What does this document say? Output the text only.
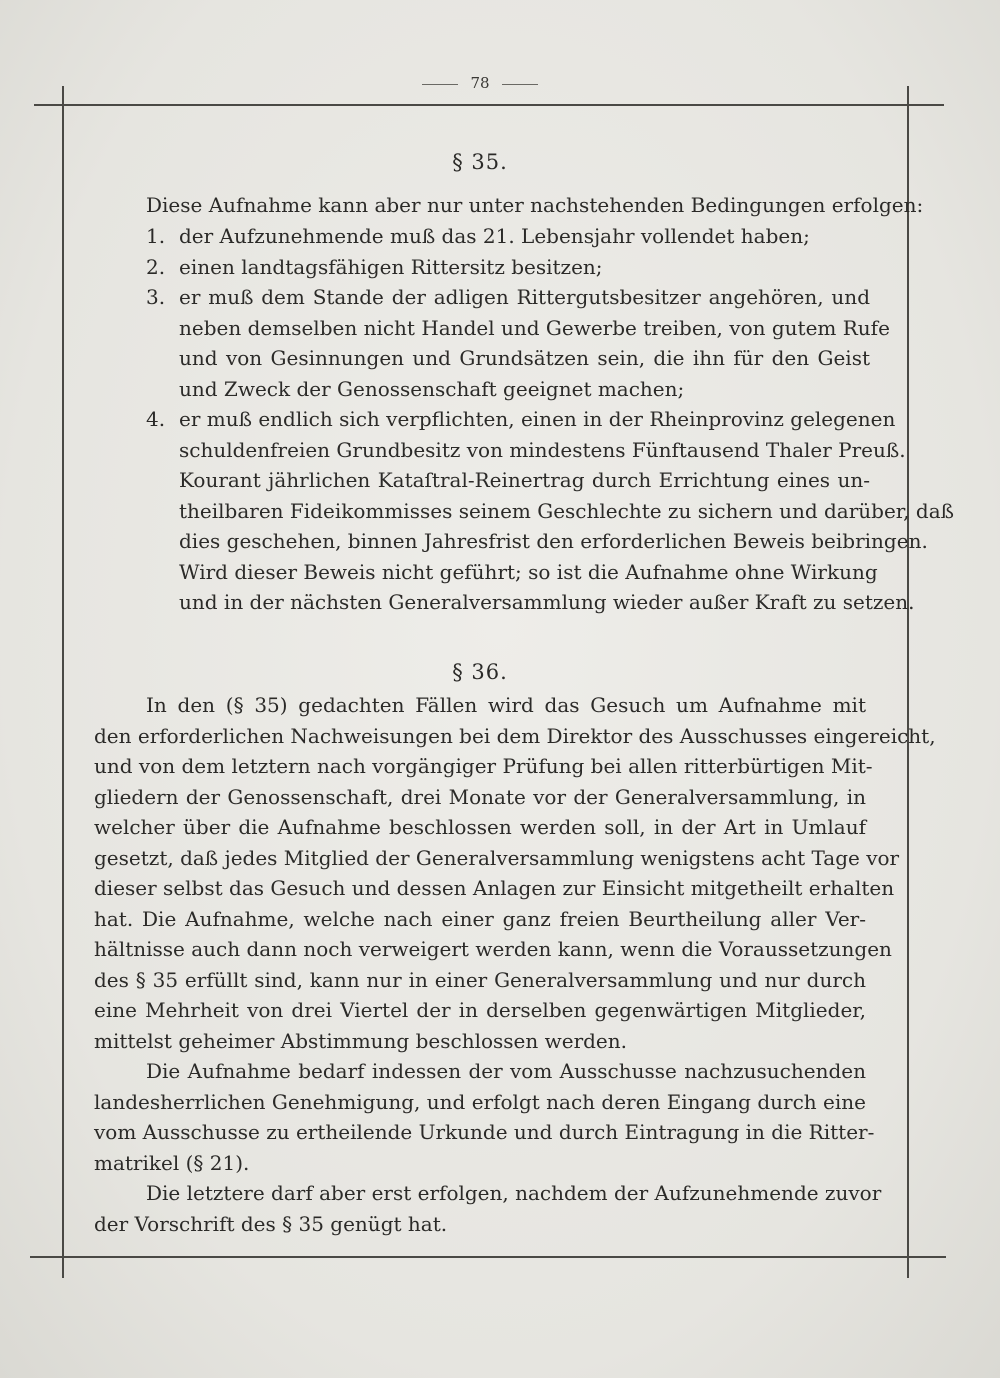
78
§ 35.
Diese Aufnahme kann aber nur unter nachstehenden Bedingungen erfolgen:
1. der Aufzunehmende muß das 21. Lebensjahr vollendet haben;
2. einen landtagsfähigen Rittersitz besitzen;
3. er muß dem Stande der adligen Rittergutsbesitzer angehören, und
neben demselben nicht Handel und Gewerbe treiben, von gutem Rufe
und von Gesinnungen und Grundsätzen sein, die ihn für den Geist
und Zweck der Genossenschaft geeignet machen;
4. er muß endlich sich verpflichten, einen in der Rheinprovinz gelegenen
schuldenfreien Grundbesitz von mindestens Fünftausend Thaler Preuß.
Kourant jährlichen Kataſtral-Reinertrag durch Errichtung eines un-
theilbaren Fideikommisses seinem Geschlechte zu sichern und darüber, daß
dies geschehen, binnen Jahresfrist den erforderlichen Beweis beibringen.
Wird dieser Beweis nicht geführt; so ist die Aufnahme ohne Wirkung
und in der nächsten Generalversammlung wieder außer Kraft zu setzen.
§ 36.
In den (§ 35) gedachten Fällen wird das Gesuch um Aufnahme mit
den erforderlichen Nachweisungen bei dem Direktor des Ausschusses eingereicht,
und von dem letztern nach vorgängiger Prüfung bei allen ritterbürtigen Mit-
gliedern der Genossenschaft, drei Monate vor der Generalversammlung, in
welcher über die Aufnahme beschlossen werden soll, in der Art in Umlauf
gesetzt, daß jedes Mitglied der Generalversammlung wenigstens acht Tage vor
dieser selbst das Gesuch und dessen Anlagen zur Einsicht mitgetheilt erhalten
hat. Die Aufnahme, welche nach einer ganz freien Beurtheilung aller Ver-
hältnisse auch dann noch verweigert werden kann, wenn die Voraussetzungen
des § 35 erfüllt sind, kann nur in einer Generalversammlung und nur durch
eine Mehrheit von drei Viertel der in derselben gegenwärtigen Mitglieder,
mittelst geheimer Abstimmung beschlossen werden.
Die Aufnahme bedarf indessen der vom Ausschusse nachzusuchenden
landesherrlichen Genehmigung, und erfolgt nach deren Eingang durch eine
vom Ausschusse zu ertheilende Urkunde und durch Eintragung in die Ritter-
matrikel (§ 21).
Die letztere darf aber erst erfolgen, nachdem der Aufzunehmende zuvor
der Vorschrift des § 35 genügt hat.
